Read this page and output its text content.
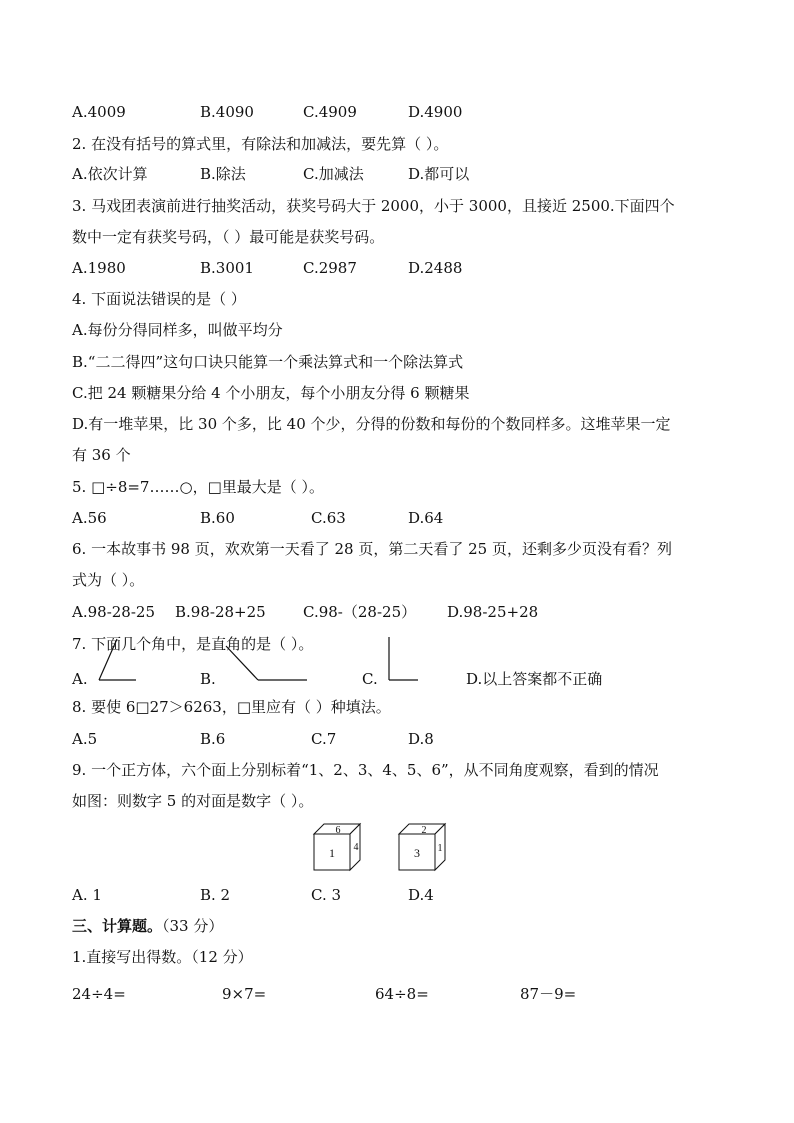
A.4009	B.4090	C.4909	D.4900
2. 在没有括号的算式里，有除法和加减法，要先算（ ）。
A.依次计算	B.除法	C.加减法	D.都可以
3. 马戏团表演前进行抽奖活动，获奖号码大于 2000，小于 3000，且接近 2500.下面四个
数中一定有获奖号码，（ ）最可能是获奖号码。
A.1980	B.3001	C.2987	D.2488
4. 下面说法错误的是（ ）
A.每份分得同样多，叫做平均分
B.“二二得四”这句口诀只能算一个乘法算式和一个除法算式
C.把 24 颗糖果分给 4 个小朋友，每个小朋友分得 6 颗糖果
D.有一堆苹果，比 30 个多，比 40 个少，分得的份数和每份的个数同样多。这堆苹果一定
有 36 个
5. □÷8=7……○，□里最大是（ ）。
A.56	B.60	C.63	D.64
6. 一本故事书 98 页，欢欢第一天看了 28 页，第二天看了 25 页，还剩多少页没有看？列
式为（ ）。
A.98-28-25 B.98-28+25 C.98-（28-25） D.98-25+28
7. 下面几个角中，是直角的是（ ）。
A.	B.	C.	D.以上答案都不正确
8. 要使 6□27＞6263，□里应有（ ）种填法。
A.5	B.6	C.7	D.8
9. 一个正方体，六个面上分别标着“1、2、3、4、5、6”，从不同角度观察，看到的情况
如图：则数字 5 的对面是数字（ ）。
6
1 4
2
3 1
A. 1	B. 2	C. 3	D.4
三、计算题。（33 分）
1.直接写出得数。（12 分）
24÷4=	9×7=	64÷8=	87－9=
